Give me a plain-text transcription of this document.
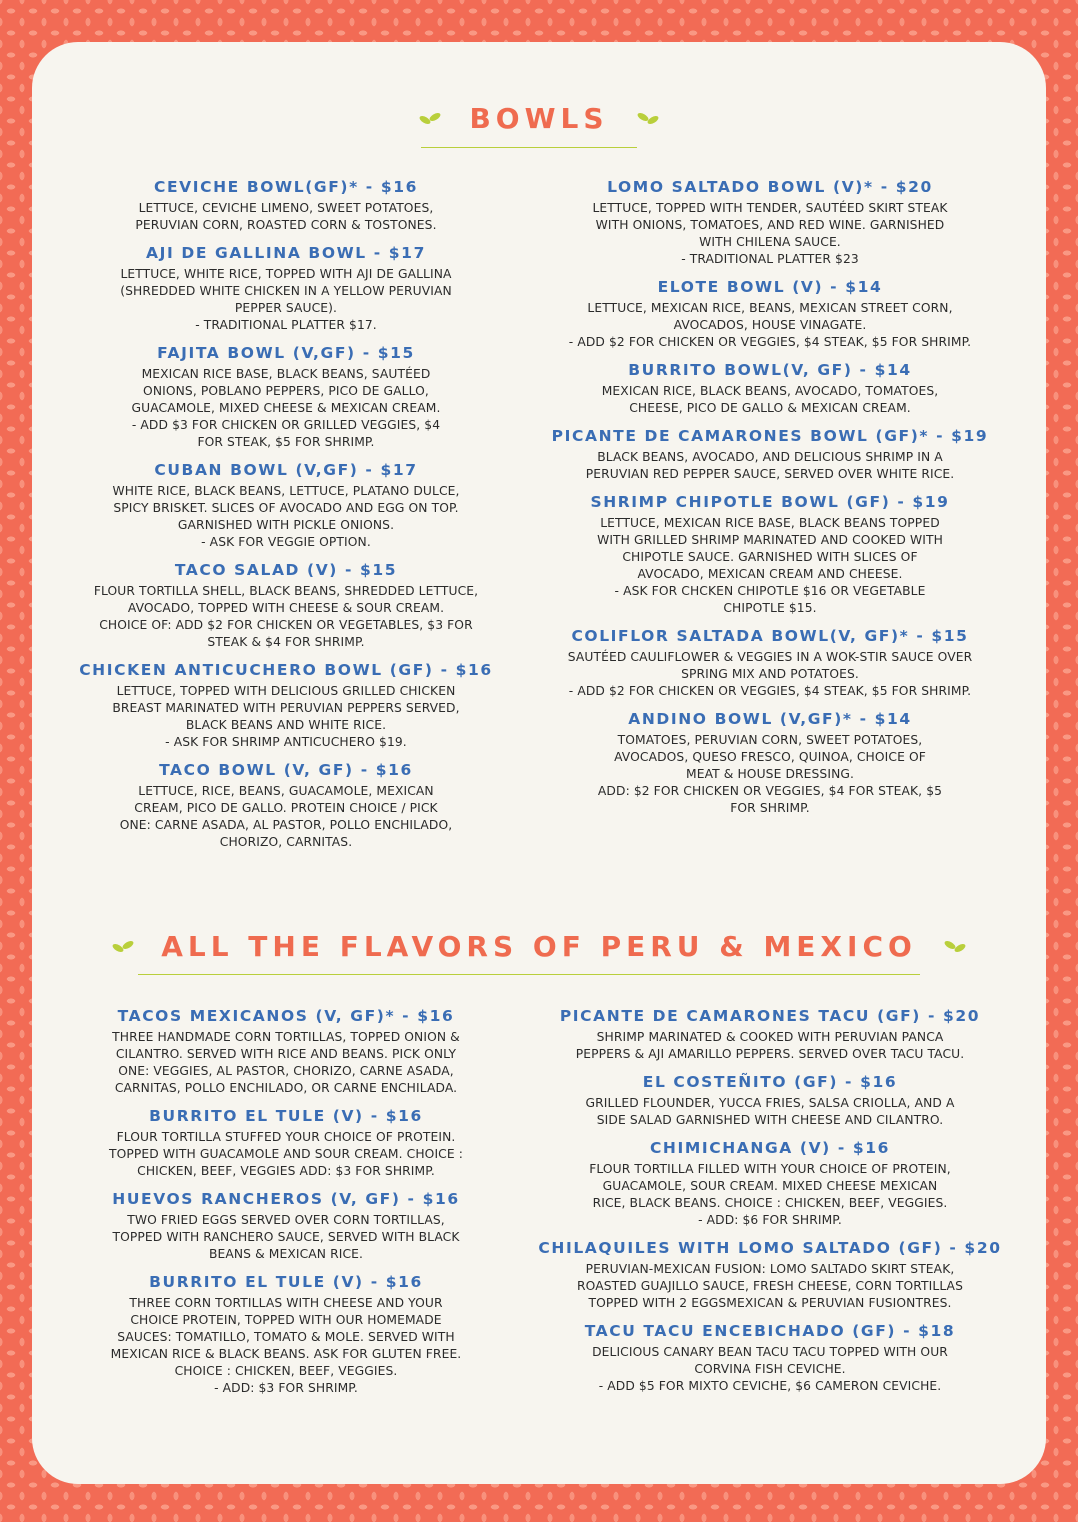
BOWLS
CEVICHE BOWL(GF)* - $16
LETTUCE, CEVICHE LIMENO, SWEET POTATOES,
PERUVIAN CORN, ROASTED CORN & TOSTONES.
AJI DE GALLINA BOWL - $17
LETTUCE, WHITE RICE, TOPPED WITH AJI DE GALLINA
(SHREDDED WHITE CHICKEN IN A YELLOW PERUVIAN
PEPPER SAUCE).
- TRADITIONAL PLATTER $17.
FAJITA BOWL (V,GF) - $15
MEXICAN RICE BASE, BLACK BEANS, SAUTÉED
ONIONS, POBLANO PEPPERS, PICO DE GALLO,
GUACAMOLE, MIXED CHEESE & MEXICAN CREAM.
- ADD $3 FOR CHICKEN OR GRILLED VEGGIES, $4
FOR STEAK, $5 FOR SHRIMP.
CUBAN BOWL (V,GF) - $17
WHITE RICE, BLACK BEANS, LETTUCE, PLATANO DULCE,
SPICY BRISKET. SLICES OF AVOCADO AND EGG ON TOP.
GARNISHED WITH PICKLE ONIONS.
- ASK FOR VEGGIE OPTION.
TACO SALAD (V) - $15
FLOUR TORTILLA SHELL, BLACK BEANS, SHREDDED LETTUCE,
AVOCADO, TOPPED WITH CHEESE & SOUR CREAM.
CHOICE OF: ADD $2 FOR CHICKEN OR VEGETABLES, $3 FOR
STEAK & $4 FOR SHRIMP.
CHICKEN ANTICUCHERO BOWL (GF) - $16
LETTUCE, TOPPED WITH DELICIOUS GRILLED CHICKEN
BREAST MARINATED WITH PERUVIAN PEPPERS SERVED,
BLACK BEANS AND WHITE RICE.
- ASK FOR SHRIMP ANTICUCHERO $19.
TACO BOWL (V, GF) - $16
LETTUCE, RICE, BEANS, GUACAMOLE, MEXICAN
CREAM, PICO DE GALLO. PROTEIN CHOICE / PICK
ONE: CARNE ASADA, AL PASTOR, POLLO ENCHILADO,
CHORIZO, CARNITAS.
LOMO SALTADO BOWL (V)* - $20
LETTUCE, TOPPED WITH TENDER, SAUTÉED SKIRT STEAK
WITH ONIONS, TOMATOES, AND RED WINE. GARNISHED
WITH CHILENA SAUCE.
- TRADITIONAL PLATTER $23
ELOTE BOWL (V) - $14
LETTUCE, MEXICAN RICE, BEANS, MEXICAN STREET CORN,
AVOCADOS, HOUSE VINAGATE.
- ADD $2 FOR CHICKEN OR VEGGIES, $4 STEAK, $5 FOR SHRIMP.
BURRITO BOWL(V, GF) - $14
MEXICAN RICE, BLACK BEANS, AVOCADO, TOMATOES,
CHEESE, PICO DE GALLO & MEXICAN CREAM.
PICANTE DE CAMARONES BOWL (GF)* - $19
BLACK BEANS, AVOCADO, AND DELICIOUS SHRIMP IN A
PERUVIAN RED PEPPER SAUCE, SERVED OVER WHITE RICE.
SHRIMP CHIPOTLE BOWL (GF) - $19
LETTUCE, MEXICAN RICE BASE, BLACK BEANS TOPPED
WITH GRILLED SHRIMP MARINATED AND COOKED WITH
CHIPOTLE SAUCE. GARNISHED WITH SLICES OF
AVOCADO, MEXICAN CREAM AND CHEESE.
- ASK FOR CHCKEN CHIPOTLE $16 OR VEGETABLE
CHIPOTLE $15.
COLIFLOR SALTADA BOWL(V, GF)* - $15
SAUTÉED CAULIFLOWER & VEGGIES IN A WOK-STIR SAUCE OVER
SPRING MIX AND POTATOES.
- ADD $2 FOR CHICKEN OR VEGGIES, $4 STEAK, $5 FOR SHRIMP.
ANDINO BOWL (V,GF)* - $14
TOMATOES, PERUVIAN CORN, SWEET POTATOES,
AVOCADOS, QUESO FRESCO, QUINOA, CHOICE OF
MEAT & HOUSE DRESSING.
ADD: $2 FOR CHICKEN OR VEGGIES, $4 FOR STEAK, $5
FOR SHRIMP.
ALL THE FLAVORS OF PERU & MEXICO
TACOS MEXICANOS (V, GF)* - $16
THREE HANDMADE CORN TORTILLAS, TOPPED ONION &
CILANTRO. SERVED WITH RICE AND BEANS. PICK ONLY
ONE: VEGGIES, AL PASTOR, CHORIZO, CARNE ASADA,
CARNITAS, POLLO ENCHILADO, OR CARNE ENCHILADA.
BURRITO EL TULE (V) - $16
FLOUR TORTILLA STUFFED YOUR CHOICE OF PROTEIN.
TOPPED WITH GUACAMOLE AND SOUR CREAM. CHOICE :
CHICKEN, BEEF, VEGGIES ADD: $3 FOR SHRIMP.
HUEVOS RANCHEROS (V, GF) - $16
TWO FRIED EGGS SERVED OVER CORN TORTILLAS,
TOPPED WITH RANCHERO SAUCE, SERVED WITH BLACK
BEANS & MEXICAN RICE.
BURRITO EL TULE (V) - $16
THREE CORN TORTILLAS WITH CHEESE AND YOUR
CHOICE PROTEIN, TOPPED WITH OUR HOMEMADE
SAUCES: TOMATILLO, TOMATO & MOLE. SERVED WITH
MEXICAN RICE & BLACK BEANS. ASK FOR GLUTEN FREE.
CHOICE : CHICKEN, BEEF, VEGGIES.
- ADD: $3 FOR SHRIMP.
PICANTE DE CAMARONES TACU (GF) - $20
SHRIMP MARINATED & COOKED WITH PERUVIAN PANCA
PEPPERS & AJI AMARILLO PEPPERS. SERVED OVER TACU TACU.
EL COSTEÑITO (GF) - $16
GRILLED FLOUNDER, YUCCA FRIES, SALSA CRIOLLA, AND A
SIDE SALAD GARNISHED WITH CHEESE AND CILANTRO.
CHIMICHANGA (V) - $16
FLOUR TORTILLA FILLED WITH YOUR CHOICE OF PROTEIN,
GUACAMOLE, SOUR CREAM. MIXED CHEESE MEXICAN
RICE, BLACK BEANS. CHOICE : CHICKEN, BEEF, VEGGIES.
- ADD: $6 FOR SHRIMP.
CHILAQUILES WITH LOMO SALTADO (GF) - $20
PERUVIAN-MEXICAN FUSION: LOMO SALTADO SKIRT STEAK,
ROASTED GUAJILLO SAUCE, FRESH CHEESE, CORN TORTILLAS
TOPPED WITH 2 EGGSMEXICAN & PERUVIAN FUSIONTRES.
TACU TACU ENCEBICHADO (GF) - $18
DELICIOUS CANARY BEAN TACU TACU TOPPED WITH OUR
CORVINA FISH CEVICHE.
- ADD $5 FOR MIXTO CEVICHE, $6 CAMERON CEVICHE.
